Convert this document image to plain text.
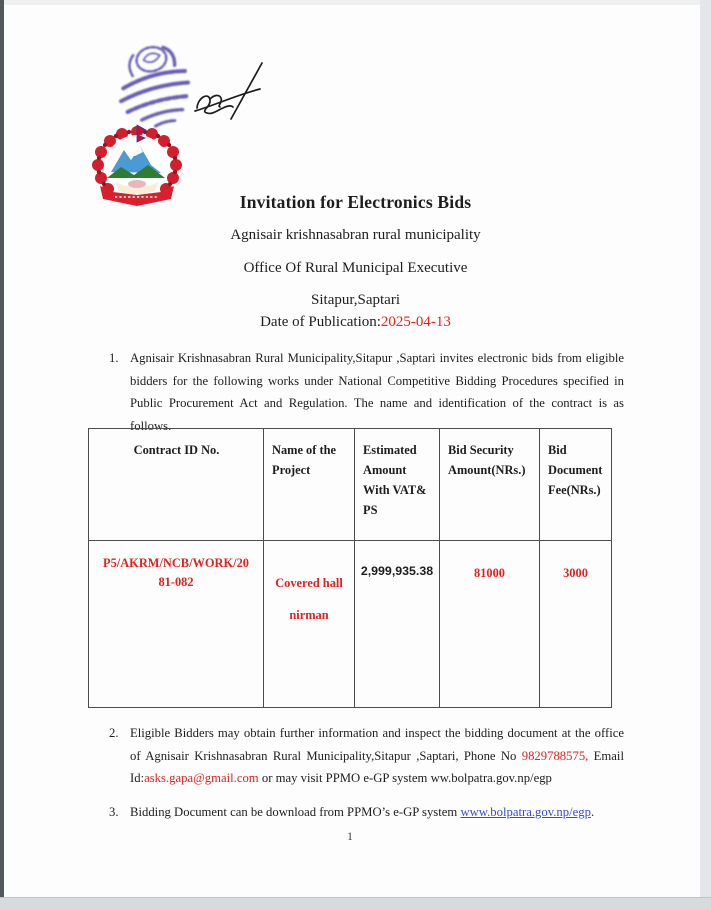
Invitation for Electronics Bids
Agnisair krishnasabran rural municipality
Office Of Rural Municipal Executive
Sitapur,Saptari
Date of Publication:2025-04-13
1. Agnisair Krishnasabran Rural Municipality,Sitapur ,Saptari invites electronic bids from eligible bidders for the following works under National Competitive Bidding Procedures specified in Public Procurement Act and Regulation. The name and identification of the contract is as follows.
Contract ID No.	Name of the Project	Estimated Amount With VAT& PS	Bid Security Amount(NRs.)	Bid Document Fee(NRs.)

P5/AKRM/NCB/WORK/2081-082	Covered hall nirman	2,999,935.38	81000	3000
2. Eligible Bidders may obtain further information and inspect the bidding document at the office of Agnisair Krishnasabran Rural Municipality,Sitapur ,Saptari, Phone No 9829788575, Email Id:asks.gapa@gmail.com or may visit PPMO e-GP system ww.bolpatra.gov.np/egp
3. Bidding Document can be download from PPMO’s e-GP system www.bolpatra.gov.np/egp.
1
